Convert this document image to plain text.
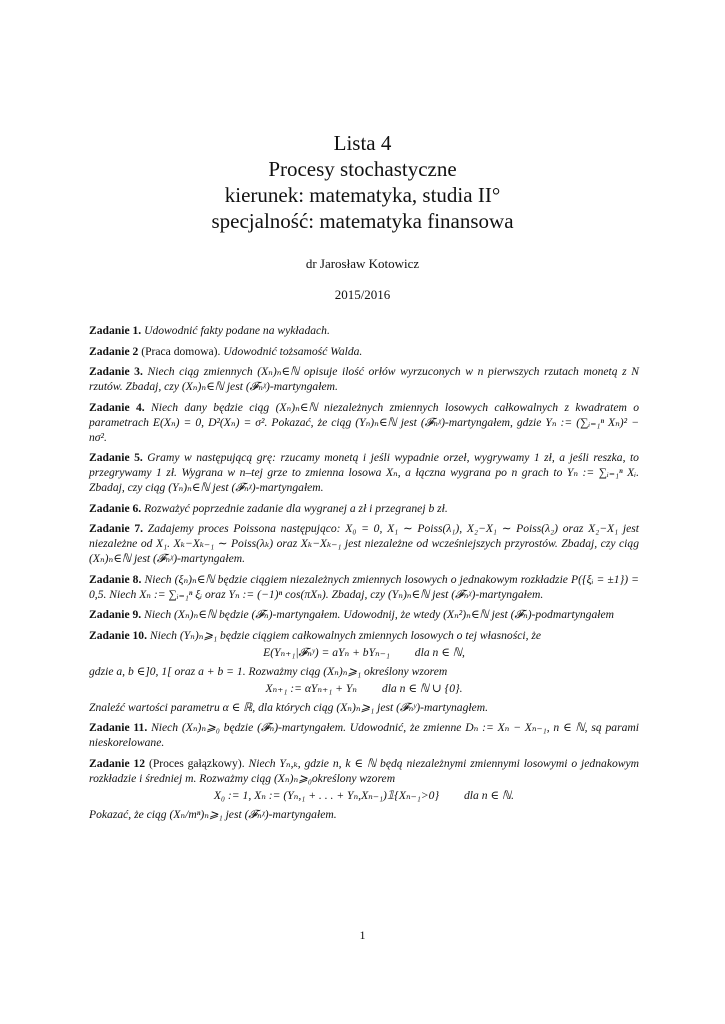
Lista 4

Procesy stochastyczne

kierunek: matematyka, studia II°

specjalność: matematyka finansowa

dr Jarosław Kotowicz
2015/2016

Zadanie 1. Udowodnić fakty podane na wykładach.

Zadanie 2 (Praca domowa). Udowodnić tożsamość Walda.

Zadanie 3. Niech ciąg zmiennych (Xₙ)ₙ∈ℕ opisuje ilość orłów wyrzuconych w n pierwszych rzutach monetą z N rzutów. Zbadaj, czy (Xₙ)ₙ∈ℕ jest (𝓕ₙᵡ)-martyngałem.

Zadanie 4. Niech dany będzie ciąg (Xₙ)ₙ∈ℕ niezależnych zmiennych losowych całkowalnych z kwadratem o parametrach E(Xₙ) = 0, D²(Xₙ) = σ². Pokazać, że ciąg (Yₙ)ₙ∈ℕ jest (𝓕ₙᵡ)-martyngałem, gdzie Yₙ := (∑ᵢ₌₁ⁿ Xₙ)² − nσ².

Zadanie 5. Gramy w następującą grę: rzucamy monetą i jeśli wypadnie orzeł, wygrywamy 1 zł, a jeśli reszka, to przegrywamy 1 zł. Wygrana w n–tej grze to zmienna losowa Xₙ, a łączna wygrana po n grach to Yₙ := ∑ᵢ₌₁ⁿ Xᵢ. Zbadaj, czy ciąg (Yₙ)ₙ∈ℕ jest (𝓕ₙᵡ)-martyngałem.

Zadanie 6. Rozważyć poprzednie zadanie dla wygranej a zł i przegranej b zł.

Zadanie 7. Zadajemy proces Poissona następująco: X₀ = 0, X₁ ∼ Poiss(λ₁), X₂−X₁ ∼ Poiss(λ₂) oraz X₂−X₁ jest niezależne od X₁. Xₖ−Xₖ₋₁ ∼ Poiss(λₖ) oraz Xₖ−Xₖ₋₁ jest niezależne od wcześniejszych przyrostów. Zbadaj, czy ciąg (Xₙ)ₙ∈ℕ jest (𝓕ₙᵡ)-martyngałem.

Zadanie 8. Niech (ξₙ)ₙ∈ℕ będzie ciągiem niezależnych zmiennych losowych o jednakowym rozkładzie P({ξᵢ = ±1}) = 0,5. Niech Xₙ := ∑ᵢ₌₁ⁿ ξᵢ oraz Yₙ := (−1)ⁿ cos(πXₙ). Zbadaj, czy (Yₙ)ₙ∈ℕ jest (𝓕ₙᵡ)-martyngałem.

Zadanie 9. Niech (Xₙ)ₙ∈ℕ będzie (𝓕ₙ)-martyngałem. Udowodnij, że wtedy (Xₙ²)ₙ∈ℕ jest (𝓕ₙ)-podmartyngałem

Zadanie 10. Niech (Yₙ)ₙ⩾₁ będzie ciągiem całkowalnych zmiennych losowych o tej własności, że
E(Yₙ₊₁|𝓕ₙʸ) = aYₙ + bYₙ₋₁ dla n ∈ ℕ,
gdzie a, b ∈]0, 1[ oraz a + b = 1. Rozważmy ciąg (Xₙ)ₙ⩾₁ określony wzorem
Xₙ₊₁ := αYₙ₊₁ + Yₙ dla n ∈ ℕ ∪ {0}.
Znaleźć wartości parametru α ∈ ℝ, dla których ciąg (Xₙ)ₙ⩾₁ jest (𝓕ₙʸ)-martynagłem.

Zadanie 11. Niech (Xₙ)ₙ⩾₀ będzie (𝓕ₙ)-martyngałem. Udowodnić, że zmienne Dₙ := Xₙ − Xₙ₋₁, n ∈ ℕ, są parami nieskorelowane.

Zadanie 12 (Proces gałązkowy). Niech Yₙ,ₖ, gdzie n, k ∈ ℕ będą niezależnymi zmiennymi losowymi o jednakowym rozkładzie i średniej m. Rozważmy ciąg (Xₙ)ₙ⩾₀określony wzorem
X₀ := 1, Xₙ := (Yₙ,₁ + . . . + Yₙ,Xₙ₋₁)𝟙{Xₙ₋₁>0} dla n ∈ ℕ.
Pokazać, że ciąg (Xₙ/mⁿ)ₙ⩾₁ jest (𝓕ₙᵡ)-martyngałem.
1
